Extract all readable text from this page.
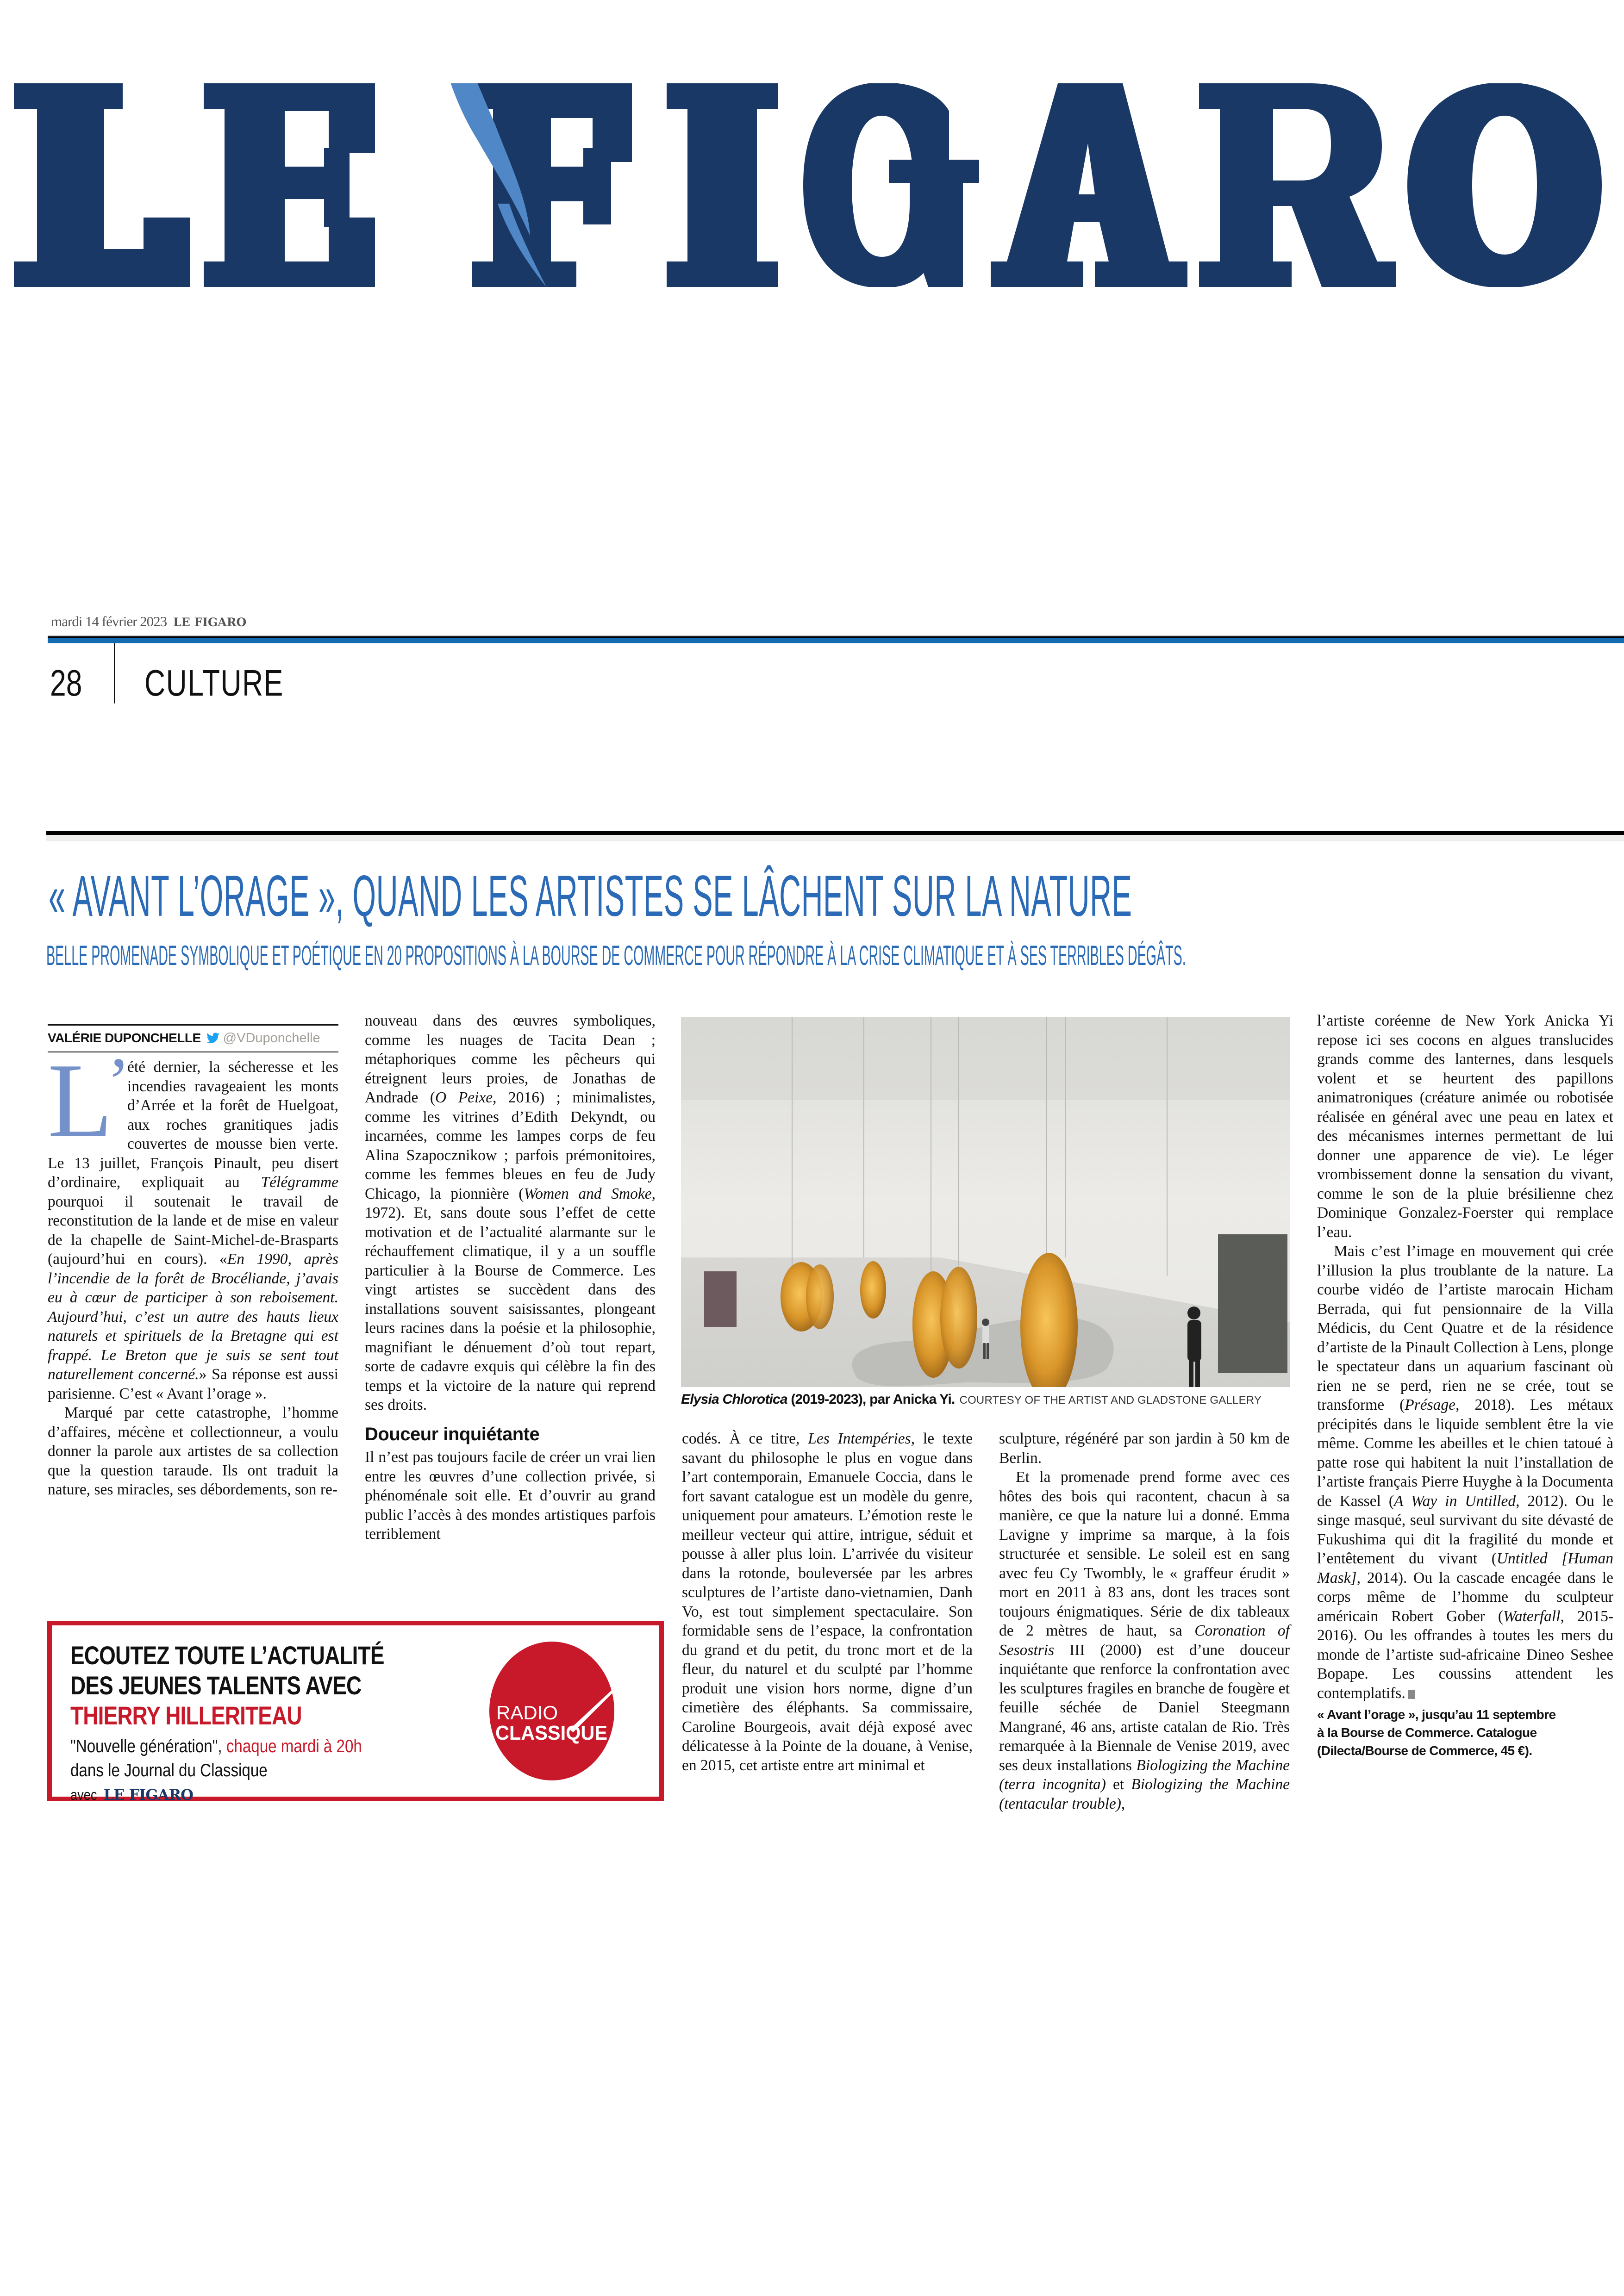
mardi 14 février 2023 LE FIGARO
28 CULTURE
« AVANT L’ORAGE », QUAND LES ARTISTES SE LÂCHENT SUR LA NATURE
BELLE PROMENADE SYMBOLIQUE ET POÉTIQUE EN 20 PROPOSITIONS À LA BOURSE DE COMMERCE POUR RÉPONDRE À LA CRISE CLIMATIQUE ET À SES TERRIBLES DÉGÂTS.
VALÉRIE DUPONCHELLE @VDuponchelle
L
’

été dernier, la sécheresse et les incendies ravageaient les monts d’Arrée et la forêt de Huelgoat, aux roches granitiques jadis couvertes de mousse bien verte. Le 13 juillet, François Pinault, peu disert d’ordinaire, expliquait au Télégramme pourquoi il soutenait le travail de reconstitution de la lande et de mise en valeur de la chapelle de Saint-Michel-de-Brasparts (aujourd’hui en cours). «En 1990, après l’incendie de la forêt de Brocéliande, j’avais eu à cœur de participer à son reboisement. Aujourd’hui, c’est un autre des hauts lieux naturels et spirituels de la Bretagne qui est frappé. Le Breton que je suis se sent tout naturellement concerné.» Sa réponse est aussi parisienne. C’est « Avant l’orage ».

Marqué par cette catastrophe, l’homme d’affaires, mécène et collectionneur, a voulu donner la parole aux artistes de sa collection que la question taraude. Ils ont traduit la nature, ses miracles, ses débordements, son re-

nouveau dans des œuvres symboliques, comme les nuages de Tacita Dean ; métaphoriques comme les pêcheurs qui étreignent leurs proies, de Jonathas de Andrade (O Peixe, 2016) ; minimalistes, comme les vitrines d’Edith Dekyndt, ou incarnées, comme les lampes corps de feu Alina Szapocznikow ; parfois prémonitoires, comme les femmes bleues en feu de Judy Chicago, la pionnière (Women and Smoke, 1972). Et, sans doute sous l’effet de cette motivation et de l’actualité alarmante sur le réchauffement climatique, il y a un souffle particulier à la Bourse de Commerce. Les vingt artistes se succèdent dans des installations souvent saisissantes, plongeant leurs racines dans la poésie et la philosophie, magnifiant le dénuement d’où tout repart, sorte de cadavre exquis qui célèbre la fin des temps et la victoire de la nature qui reprend ses droits.

Douceur inquiétante

Il n’est pas toujours facile de créer un vrai lien entre les œuvres d’une collection privée, si phénoménale soit elle. Et d’ouvrir au grand public l’accès à des mondes artistiques parfois terriblement

Elysia Chlorotica (2019-2023), par Anicka Yi. COURTESY OF THE ARTIST AND GLADSTONE GALLERY

codés. À ce titre, Les Intempéries, le texte savant du philosophe le plus en vogue dans l’art contemporain, Emanuele Coccia, dans le fort savant catalogue est un modèle du genre, uniquement pour amateurs. L’émotion reste le meilleur vecteur qui attire, intrigue, séduit et pousse à aller plus loin. L’arrivée du visiteur dans la rotonde, bouleversée par les arbres sculptures de l’artiste dano-vietnamien, Danh Vo, est tout simplement spectaculaire. Son formidable sens de l’espace, la confrontation du grand et du petit, du tronc mort et de la fleur, du naturel et du sculpté par l’homme produit une vision hors norme, digne d’un cimetière des éléphants. Sa commissaire, Caroline Bourgeois, avait déjà exposé avec délicatesse à la Pointe de la douane, à Venise, en 2015, cet artiste entre art minimal et

sculpture, régénéré par son jardin à 50 km de Berlin.

Et la promenade prend forme avec ces hôtes des bois qui racontent, chacun à sa manière, ce que la nature lui a donné. Emma Lavigne y imprime sa marque, à la fois structurée et sensible. Le soleil est en sang avec feu Cy Twombly, le « graffeur érudit » mort en 2011 à 83 ans, dont les traces sont toujours énigmatiques. Série de dix tableaux de 2 mètres de haut, sa Coronation of Sesostris III (2000) est d’une douceur inquiétante que renforce la confrontation avec les sculptures fragiles en branche de fougère et feuille séchée de Daniel Steegmann Mangrané, 46 ans, artiste catalan de Rio. Très remarquée à la Biennale de Venise 2019, avec ses deux installations Biologizing the Machine (terra incognita) et Biologizing the Machine (tentacular trouble),

l’artiste coréenne de New York Anicka Yi repose ici ses cocons en algues translucides grands comme des lanternes, dans lesquels volent et se heurtent des papillons animatroniques (créature animée ou robotisée réalisée en général avec une peau en latex et des mécanismes internes permettant de lui donner une apparence de vie). Le léger vrombissement donne la sensation du vivant, comme le son de la pluie brésilienne chez Dominique Gonzalez-Foerster qui remplace l’eau.

Mais c’est l’image en mouvement qui crée l’illusion la plus troublante de la nature. La courbe vidéo de l’artiste marocain Hicham Berrada, qui fut pensionnaire de la Villa Médicis, du Cent Quatre et de la résidence d’artiste de la Pinault Collection à Lens, plonge le spectateur dans un aquarium fascinant où rien ne se perd, rien ne se crée, tout se transforme (Présage, 2018). Les métaux précipités dans le liquide semblent être la vie même. Comme les abeilles et le chien tatoué à patte rose qui habitent la nuit l’installation de l’artiste français Pierre Huyghe à la Documenta de Kassel (A Way in Untilled, 2012). Ou le singe masqué, seul survivant du site dévasté de Fukushima qui dit la fragilité du monde et l’entêtement du vivant (Untitled [Human Mask], 2014). Ou la cascade encagée dans le corps même de l’homme du sculpteur américain Robert Gober (Waterfall, 2015-2016). Ou les offrandes à toutes les mers du monde de l’artiste sud-africaine Dineo Seshee Bopape. Les coussins attendent les contemplatifs.

« Avant l’orage », jusqu’au 11 septembre
à la Bourse de Commerce. Catalogue
(Dilecta/Bourse de Commerce, 45 €).
ECOUTEZ TOUTE L’ACTUALITÉ
DES JEUNES TALENTS AVEC
THIERRY HILLERITEAU
"Nouvelle génération", chaque mardi à 20h
dans le Journal du Classique
avec LE FIGARO
RADIO
CLASSIQUE
